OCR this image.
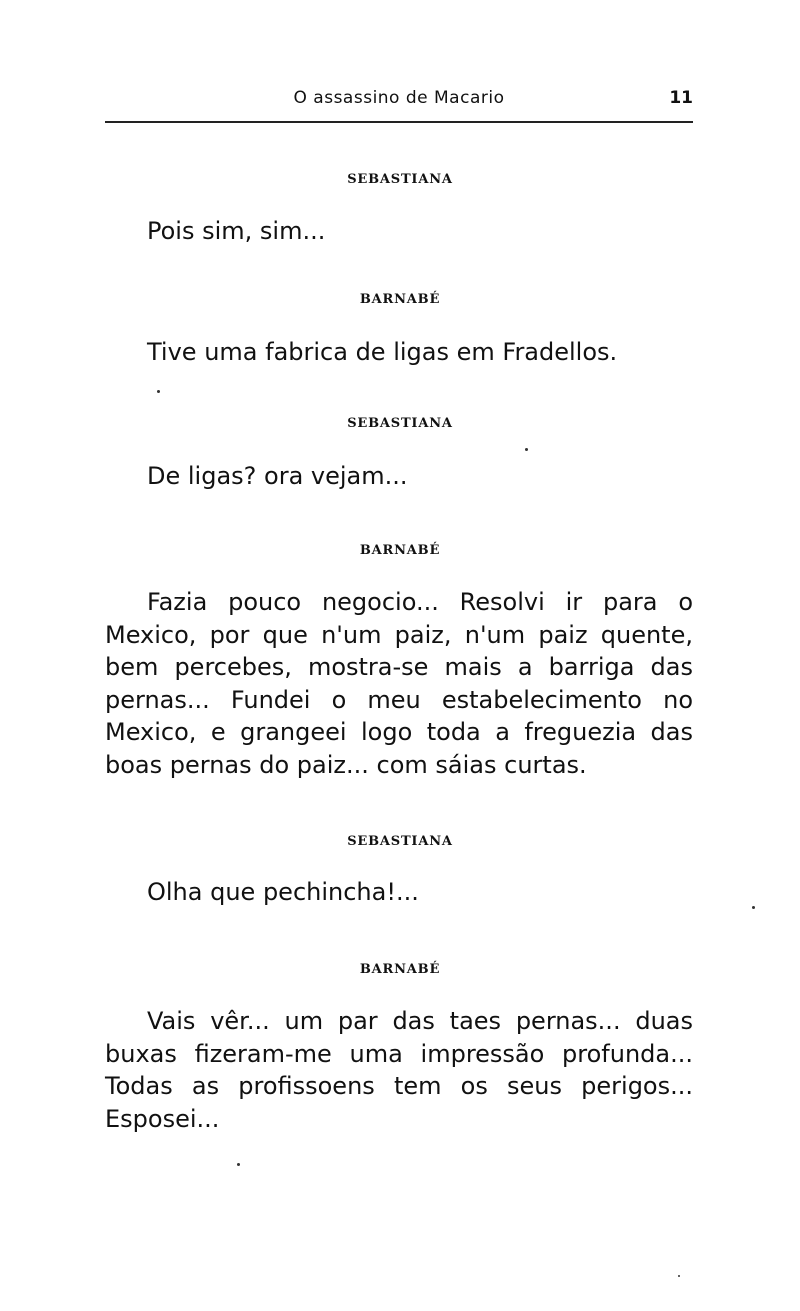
O assassino de Macario	11
SEBASTIANA

Pois sim, sim...

BARNABÉ

Tive uma fabrica de ligas em Fradellos.

SEBASTIANA

De ligas? ora vejam...

BARNABÉ

Fazia pouco negocio... Resolvi ir para o Mexico, por que n'um paiz, n'um paiz quente, bem percebes, mostra-se mais a barriga das pernas... Fundei o meu estabelecimento no Mexico, e grangeei logo toda a freguezia das boas pernas do paiz... com sáias curtas.

SEBASTIANA

Olha que pechincha!...

BARNABÉ

Vais vêr... um par das taes pernas... duas buxas fizeram-me uma impressão profunda... Todas as profissoens tem os seus perigos... Esposei...
